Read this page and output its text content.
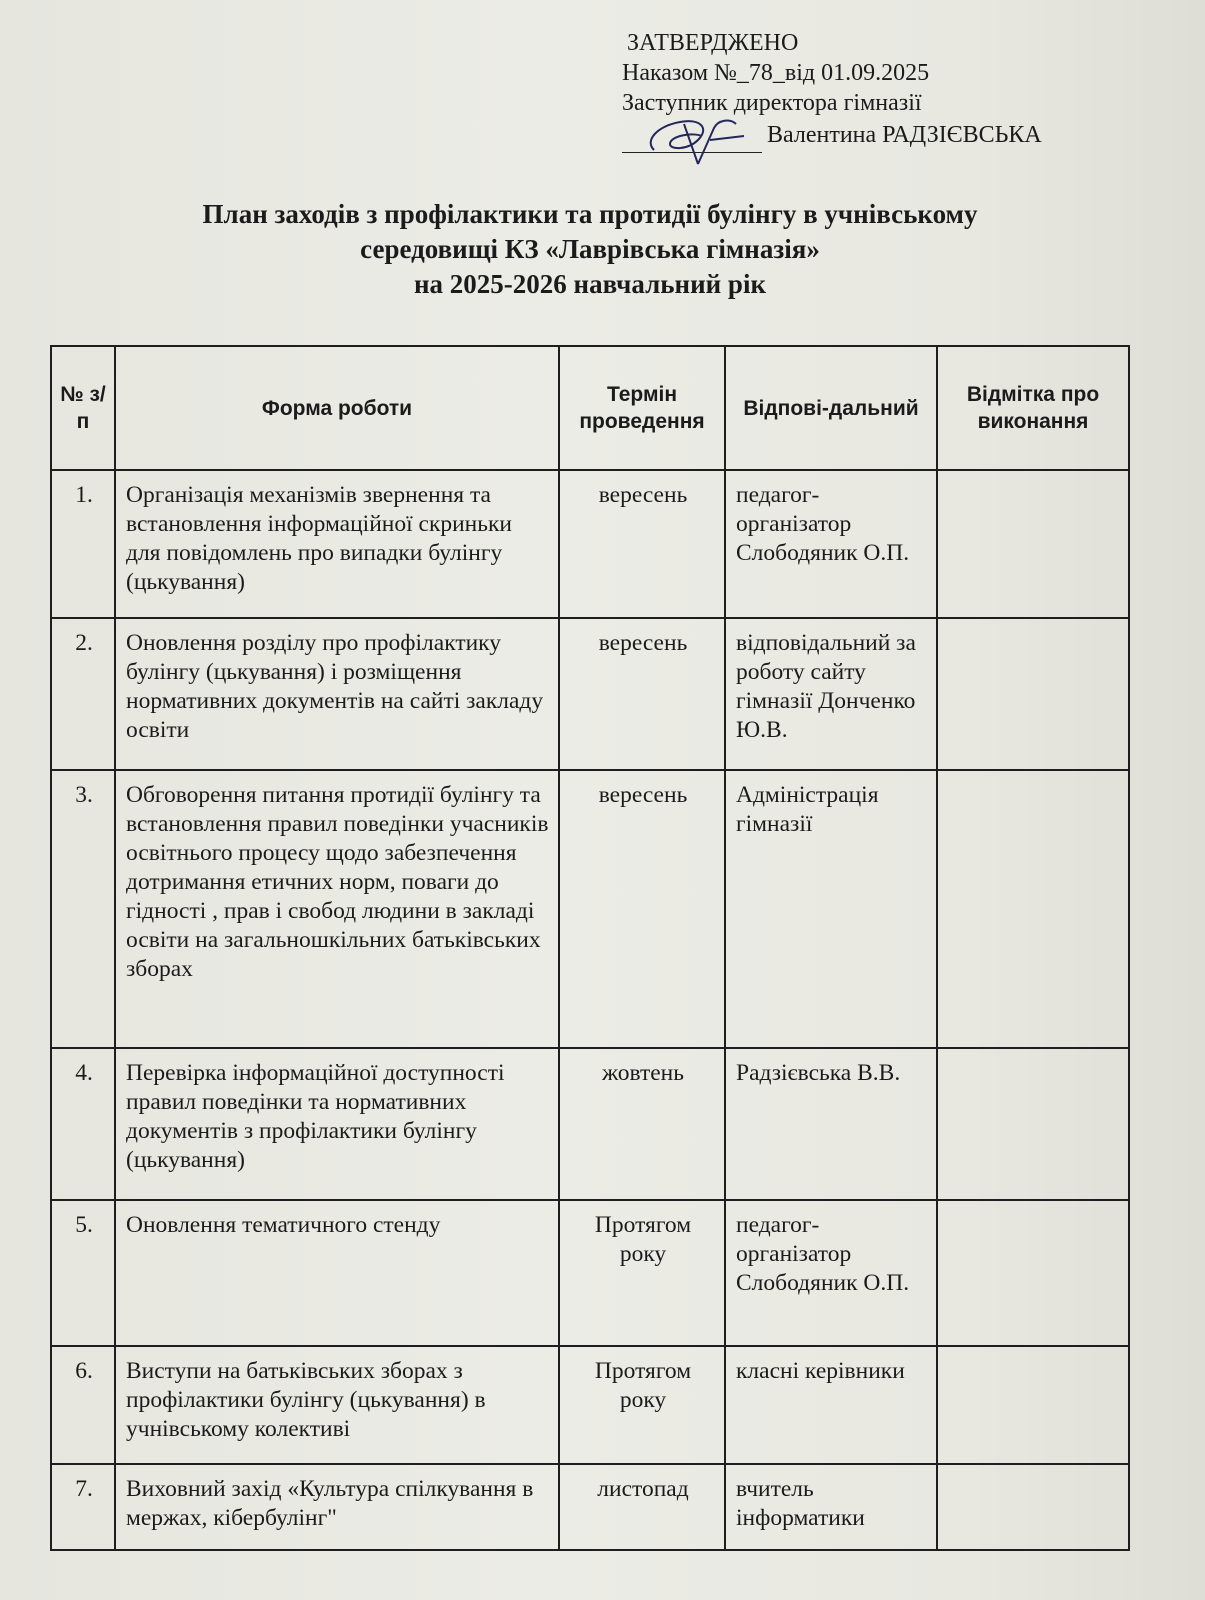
ЗАТВЕРДЖЕНО
Наказом №_78_від 01.09.2025
Заступник директора гімназії
Валентина РАДЗІЄВСЬКА
План заходів з профілактики та протидії булінгу в учнівському
середовищі КЗ «Лаврівська гімназія»
на 2025-2026 навчальний рік
№ з/п	Форма роботи	Термін проведення	Відпові-дальний	Відмітка про виконання
1.	Організація механізмів звернення та встановлення інформаційної скриньки для повідомлень про випадки булінгу (цькування)	вересень	педагог-організатор Слободяник О.П.	
2.	Оновлення розділу про профілактику булінгу (цькування) і розміщення нормативних документів на сайті закладу освіти	вересень	відповідальний за роботу сайту гімназії Донченко Ю.В.	
3.	Обговорення питання протидії булінгу та встановлення правил поведінки учасників освітнього процесу щодо забезпечення дотримання етичних норм, поваги до гідності , прав і свобод людини в закладі освіти на загальношкільних батьківських зборах	вересень	Адміністрація гімназії	
4.	Перевірка інформаційної доступності правил поведінки та нормативних документів з профілактики булінгу (цькування)	жовтень	Радзієвська В.В.	
5.	Оновлення тематичного стенду	Протягом року	педагог-організатор Слободяник О.П.	
6.	Виступи на батьківських зборах з профілактики булінгу (цькування) в учнівському колективі	Протягом року	класні керівники	
7.	Виховний захід «Культура спілкування в мержах, кібербулінг"	листопад	вчитель інформатики	
